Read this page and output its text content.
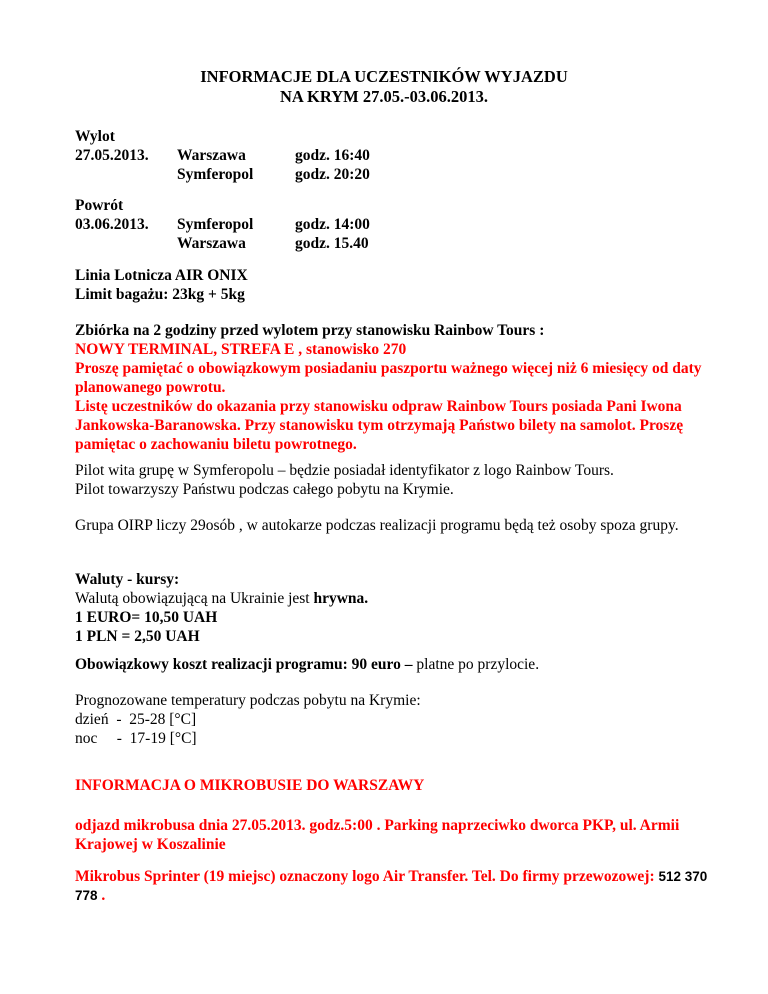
INFORMACJE DLA UCZESTNIKÓW WYJAZDU
NA KRYM 27.05.-03.06.2013.
Wylot
27.05.2013. Warszawa
Symferopol
godz. 16:40
godz. 20:20
Powrót
03.06.2013. Symferopol
Warszawa
godz. 14:00
godz. 15.40

Linia Lotnicza AIR ONIX

Limit bagażu: 23kg + 5kg

Zbiórka na 2 godziny przed wylotem przy stanowisku Rainbow Tours :

NOWY TERMINAL, STREFA E , stanowisko 270

Proszę pamiętać o obowiązkowym posiadaniu paszportu ważnego więcej niż 6 miesięcy od daty planowanego powrotu.

Listę uczestników do okazania przy stanowisku odpraw Rainbow Tours posiada Pani Iwona Jankowska-Baranowska. Przy stanowisku tym otrzymają Państwo bilety na samolot. Proszę pamiętac o zachowaniu biletu powrotnego.

Pilot wita grupę w Symferopolu – będzie posiadał identyfikator z logo Rainbow Tours.

Pilot towarzyszy Państwu podczas całego pobytu na Krymie.

Grupa OIRP liczy 29osób , w autokarze podczas realizacji programu będą też osoby spoza grupy.

Waluty - kursy:

Walutą obowiązującą na Ukrainie jest hrywna.

1 EURO= 10,50 UAH

1 PLN = 2,50 UAH

Obowiązkowy koszt realizacji programu: 90 euro – platne po przylocie.

Prognozowane temperatury podczas pobytu na Krymie:

dzień  -  25-28 [°C]

noc     -  17-19 [°C]

INFORMACJA O MIKROBUSIE DO WARSZAWY
odjazd mikrobusa dnia 27.05.2013. godz.5:00 . Parking naprzeciwko dworca PKP, ul. Armii Krajowej w Koszalinie
Mikrobus Sprinter (19 miejsc) oznaczony logo Air Transfer. Tel. Do firmy przewozowej: 512 370 778 .
